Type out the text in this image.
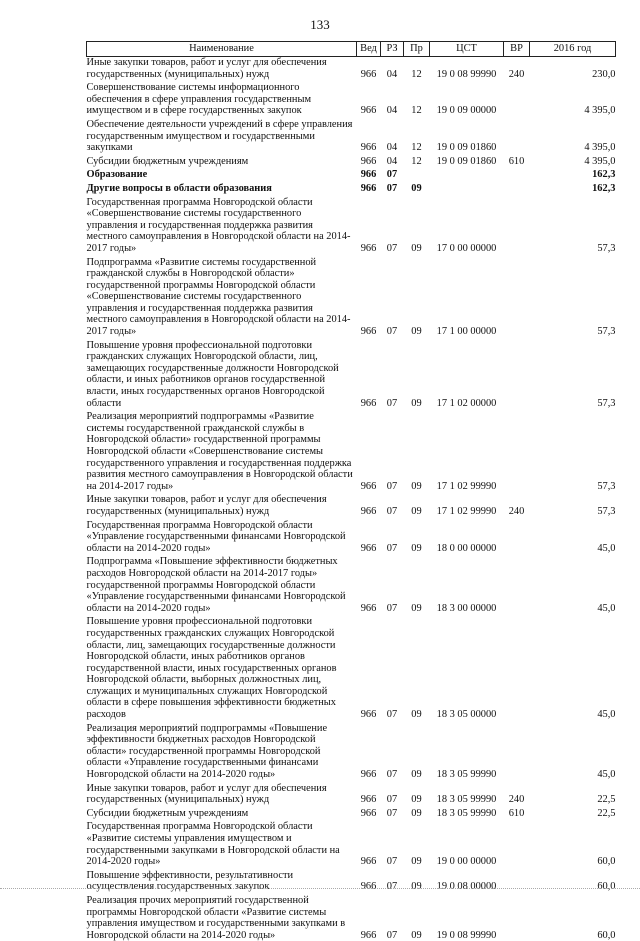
133
Наименование	Вед	РЗ	Пр	ЦСТ	ВР	2016 год
Иные закупки товаров, работ и услуг для обеспечения государственных (муниципальных) нужд	966	04	12	19 0 08 99990	240	230,0
Совершенствование системы информационного обеспечения в сфере управления государственным имуществом и в сфере государственных закупок	966	04	12	19 0 09 00000		4 395,0
Обеспечение деятельности учреждений в сфере управления государственным имуществом и государственными закупками	966	04	12	19 0 09 01860		4 395,0
Субсидии бюджетным учреждениям	966	04	12	19 0 09 01860	610	4 395,0
Образование	966	07				162,3
Другие вопросы в области образования	966	07	09			162,3
Государственная программа Новгородской области «Совершенствование системы государственного управления и государственная поддержка развития местного самоуправления в Новгородской области на 2014-2017 годы»	966	07	09	17 0 00 00000		57,3
Подпрограмма «Развитие системы государственной гражданской службы в Новгородской области» государственной программы Новгородской области «Совершенствование системы государственного управления и государственная поддержка развития местного самоуправления в Новгородской области на 2014-2017 годы»	966	07	09	17 1 00 00000		57,3
Повышение уровня профессиональной подготовки гражданских служащих Новгородской области, лиц, замещающих государственные должности Новгородской области, и иных работников органов государственной власти, иных государственных органов Новгородской области	966	07	09	17 1 02 00000		57,3
Реализация мероприятий подпрограммы «Развитие системы государственной гражданской службы в Новгородской области» государственной программы Новгородской области «Совершенствование системы государственного управления и государственная поддержка развития местного самоуправления в Новгородской области на 2014-2017 годы»	966	07	09	17 1 02 99990		57,3
Иные закупки товаров, работ и услуг для обеспечения государственных (муниципальных) нужд	966	07	09	17 1 02 99990	240	57,3
Государственная программа Новгородской области «Управление государственными финансами Новгородской области на 2014-2020 годы»	966	07	09	18 0 00 00000		45,0
Подпрограмма «Повышение эффективности бюджетных расходов Новгородской области на 2014-2017 годы» государственной программы Новгородской области «Управление государственными финансами Новгородской области на 2014-2020 годы»	966	07	09	18 3 00 00000		45,0
Повышение уровня профессиональной подготовки государственных гражданских служащих Новгородской области, лиц, замещающих государственные должности Новгородской области, иных работников органов государственной власти, иных государственных органов Новгородской области, выборных должностных лиц, служащих и муниципальных служащих Новгородской области в сфере повышения эффективности бюджетных расходов	966	07	09	18 3 05 00000		45,0
Реализация мероприятий подпрограммы «Повышение эффективности бюджетных расходов Новгородской области» государственной программы Новгородской области «Управление государственными финансами Новгородской области на 2014-2020 годы»	966	07	09	18 3 05 99990		45,0
Иные закупки товаров, работ и услуг для обеспечения государственных (муниципальных) нужд	966	07	09	18 3 05 99990	240	22,5
Субсидии бюджетным учреждениям	966	07	09	18 3 05 99990	610	22,5
Государственная программа Новгородской области «Развитие системы управления имуществом и государственными закупками в Новгородской области на 2014-2020 годы»	966	07	09	19 0 00 00000		60,0
Повышение эффективности, результативности осуществления государственных закупок	966	07	09	19 0 08 00000		60,0
Реализация прочих мероприятий государственной программы Новгородской области «Развитие системы управления имуществом и государственными закупками в Новгородской области на 2014-2020 годы»	966	07	09	19 0 08 99990		60,0
